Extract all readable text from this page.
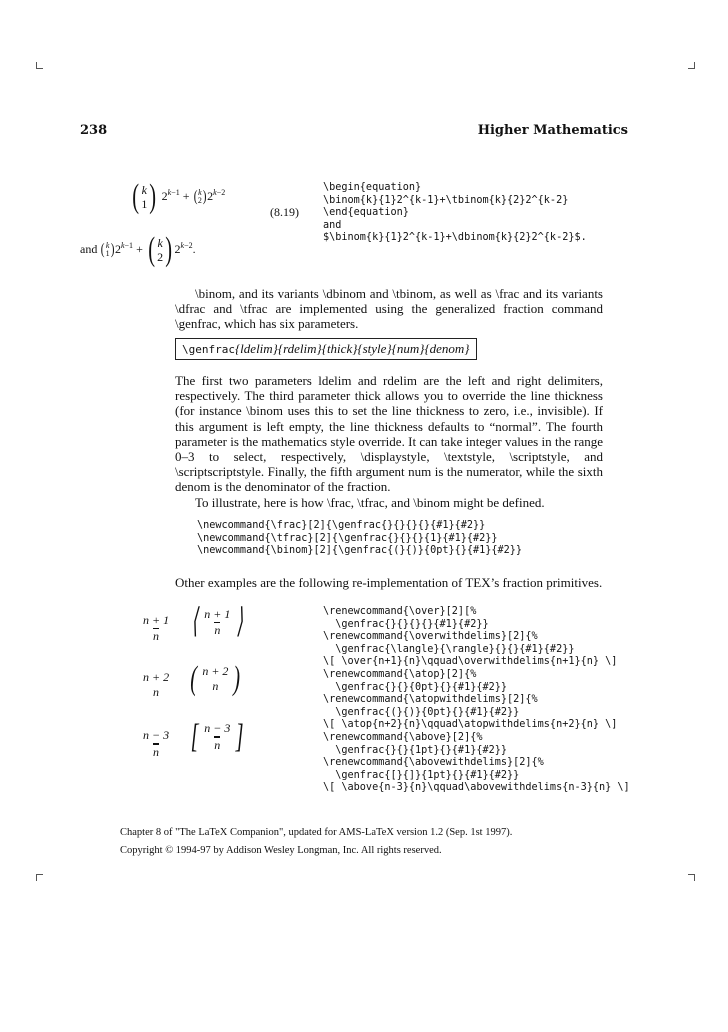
238	Higher Mathematics
( k
1 ) $2^{k-1}$ + ( k
2 )$2^{k-2}$
(8.19)
and ( k
1 )$2^{k-1}$ + ( k
2 ) $2^{k-2}$.
\begin{equation}
\binom{k}{1}2^{k-1}+\tbinom{k}{2}2^{k-2}
\end{equation}
and
$\binom{k}{1}2^{k-1}+\dbinom{k}{2}2^{k-2}$.

\binom, and its variants \dbinom and \tbinom, as well as \frac and its variants \dfrac and \tfrac are implemented using the generalized fraction command \genfrac, which has six parameters.

\genfrac{ldelim}{rdelim}{thick}{style}{num}{denom}

The first two parameters ldelim and rdelim are the left and right delimiters, respectively. The third parameter thick allows you to override the line thickness (for instance \binom uses this to set the line thickness to zero, i.e., invisible). If this argument is left empty, the line thickness defaults to “normal”. The fourth parameter is the mathematics style override. It can take integer values in the range 0–3 to select, respectively, \displaystyle, \textstyle, \scriptstyle, and \scriptscriptstyle. Finally, the fifth argument num is the numerator, while the sixth denom is the denominator of the fraction.

To illustrate, here is how \frac, \tfrac, and \binom might be defined.

\newcommand{\frac}[2]{\genfrac{}{}{}{}{#1}{#2}}
\newcommand{\tfrac}[2]{\genfrac{}{}{}{1}{#1}{#2}}
\newcommand{\binom}[2]{\genfrac{(}{)}{0pt}{}{#1}{#2}}

Other examples are the following re-implementation of TEX’s fraction primitives.

$\frac{n + 1}{n}$ ⟨ $\frac{n + 1}{n}$ ⟩
n + 2
n ( n + 2
n )
$\frac{n - 3}{n}$ [ $\frac{n - 3}{n}$ ]
\renewcommand{\over}[2][%
\genfrac{}{}{}{}{#1}{#2}}
\renewcommand{\overwithdelims}[2]{%
\genfrac{\langle}{\rangle}{}{}{#1}{#2}}
\[ \over{n+1}{n}\qquad\overwithdelims{n+1}{n} \]
\renewcommand{\atop}[2]{%
\genfrac{}{}{0pt}{}{#1}{#2}}
\renewcommand{\atopwithdelims}[2]{%
\genfrac{(}{)}{0pt}{}{#1}{#2}}
\[ \atop{n+2}{n}\qquad\atopwithdelims{n+2}{n} \]
\renewcommand{\above}[2]{%
\genfrac{}{}{1pt}{}{#1}{#2}}
\renewcommand{\abovewithdelims}[2]{%
\genfrac{[}{]}{1pt}{}{#1}{#2}}
\[ \above{n-3}{n}\qquad\abovewithdelims{n-3}{n} \]
Chapter 8 of "The LaTeX Companion", updated for AMS-LaTeX version 1.2 (Sep. 1st 1997).
Copyright © 1994-97 by Addison Wesley Longman, Inc. All rights reserved.
